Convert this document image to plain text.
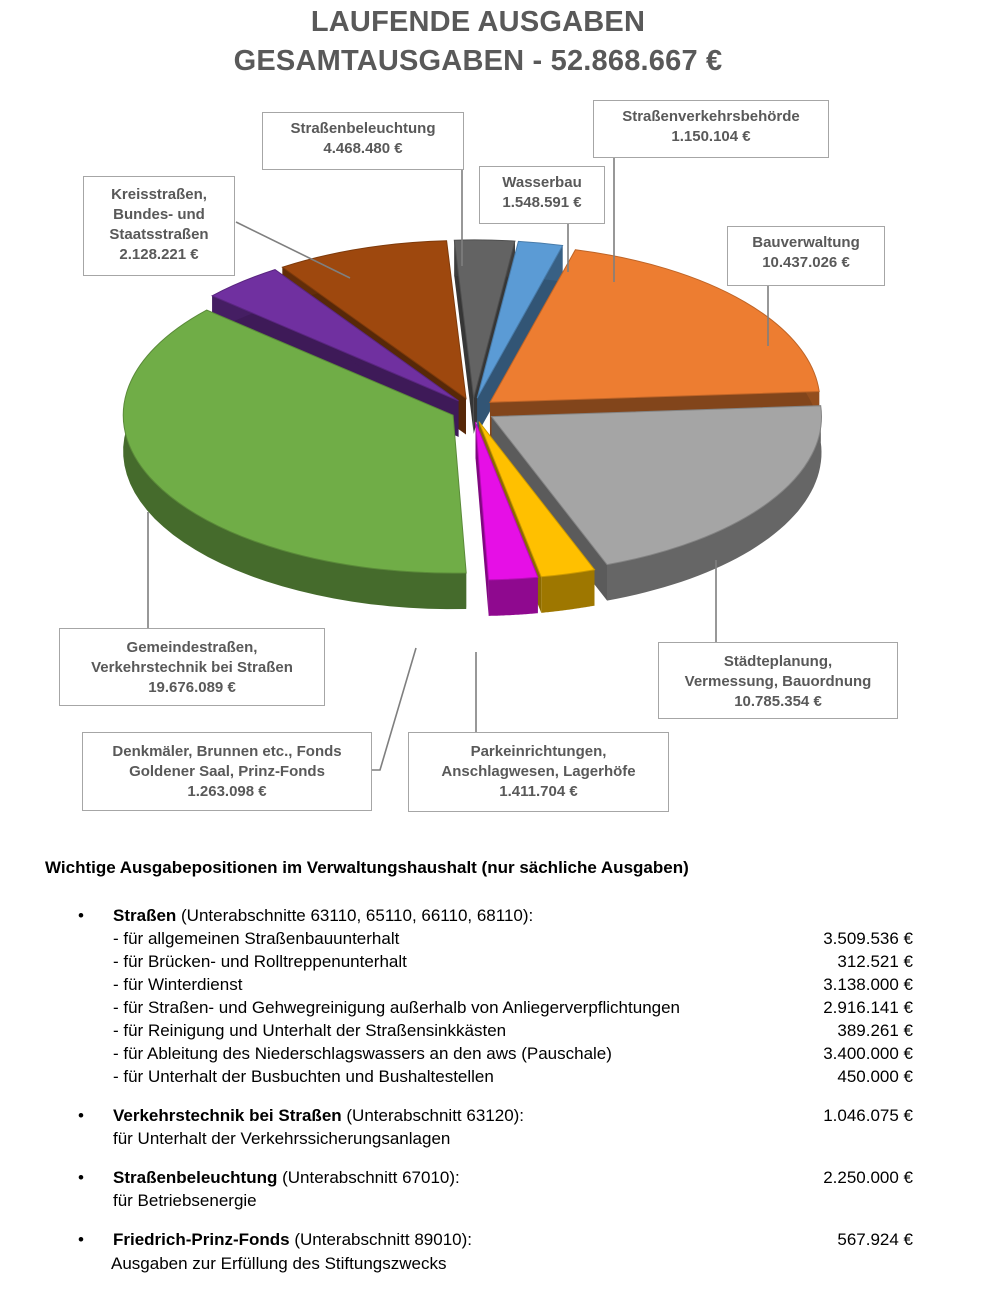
LAUFENDE AUSGABEN
GESAMTAUSGABEN - 52.868.667 €
Straßenbeleuchtung
4.468.480 €
Straßenverkehrsbehörde
1.150.104 €
Wasserbau
1.548.591 €
Kreisstraßen,
Bundes- und
Staatsstraßen
2.128.221 €
Bauverwaltung
10.437.026 €
Gemeindestraßen,
Verkehrstechnik bei Straßen
19.676.089 €
Städteplanung,
Vermessung, Bauordnung
10.785.354 €
Denkmäler, Brunnen etc., Fonds
Goldener Saal, Prinz-Fonds
1.263.098 €
Parkeinrichtungen,
Anschlagwesen, Lagerhöfe
1.411.704 €
Wichtige Ausgabepositionen im Verwaltungshaushalt (nur sächliche Ausgaben)
• Straßen (Unterabschnitte 63110, 65110, 66110, 68110):
- für allgemeinen Straßenbauunterhalt	3.509.536 €
- für Brücken- und Rolltreppenunterhalt	312.521 €
- für Winterdienst	3.138.000 €
- für Straßen- und Gehwegreinigung außerhalb von Anliegerverpflichtungen	2.916.141 €
- für Reinigung und Unterhalt der Straßensinkkästen	389.261 €
- für Ableitung des Niederschlagswassers an den aws (Pauschale)	3.400.000 €
- für Unterhalt der Busbuchten und Bushaltestellen	450.000 €
• Verkehrstechnik bei Straßen (Unterabschnitt 63120):	1.046.075 €
für Unterhalt der Verkehrssicherungsanlagen
• Straßenbeleuchtung (Unterabschnitt 67010):	2.250.000 €
für Betriebsenergie
• Friedrich-Prinz-Fonds (Unterabschnitt 89010):	567.924 €
Ausgaben zur Erfüllung des Stiftungszwecks
